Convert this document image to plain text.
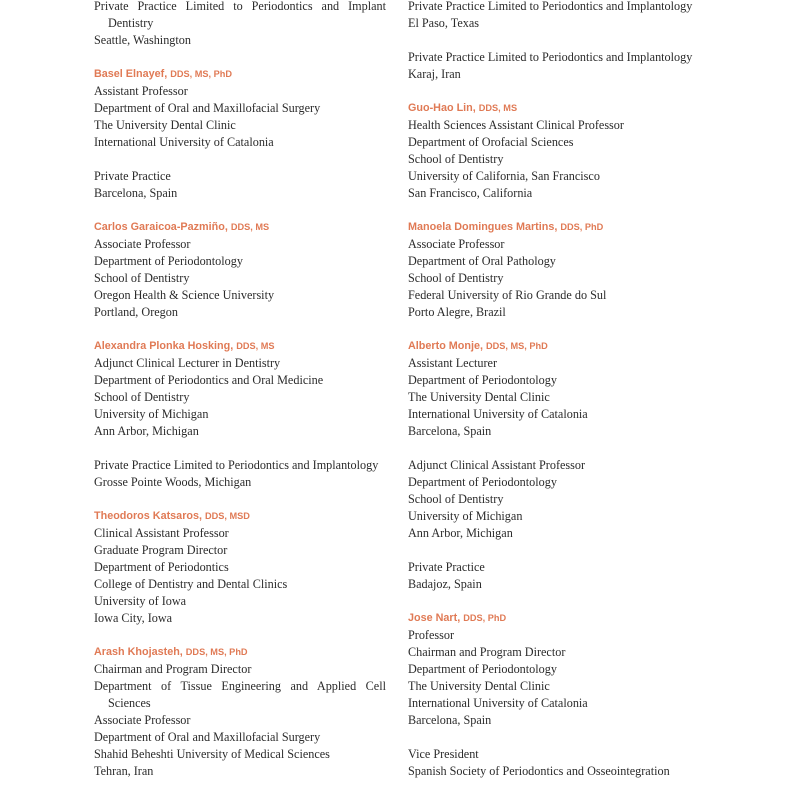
Private Practice Limited to Periodontics and Implant Dentistry
Seattle, Washington
Basel Elnayef, DDS, MS, PhD
Assistant Professor
Department of Oral and Maxillofacial Surgery
The University Dental Clinic
International University of Catalonia
Private Practice
Barcelona, Spain
Carlos Garaicoa-Pazmiño, DDS, MS
Associate Professor
Department of Periodontology
School of Dentistry
Oregon Health & Science University
Portland, Oregon
Alexandra Plonka Hosking, DDS, MS
Adjunct Clinical Lecturer in Dentistry
Department of Periodontics and Oral Medicine
School of Dentistry
University of Michigan
Ann Arbor, Michigan
Private Practice Limited to Periodontics and Implantology
Grosse Pointe Woods, Michigan
Theodoros Katsaros, DDS, MSD
Clinical Assistant Professor
Graduate Program Director
Department of Periodontics
College of Dentistry and Dental Clinics
University of Iowa
Iowa City, Iowa
Arash Khojasteh, DDS, MS, PhD
Chairman and Program Director
Department of Tissue Engineering and Applied Cell Sciences
Associate Professor
Department of Oral and Maxillofacial Surgery
Shahid Beheshti University of Medical Sciences
Tehran, Iran
Private Practice Limited to Periodontics and Implantology
El Paso, Texas
Private Practice Limited to Periodontics and Implantology
Karaj, Iran
Guo-Hao Lin, DDS, MS
Health Sciences Assistant Clinical Professor
Department of Orofacial Sciences
School of Dentistry
University of California, San Francisco
San Francisco, California
Manoela Domingues Martins, DDS, PhD
Associate Professor
Department of Oral Pathology
School of Dentistry
Federal University of Rio Grande do Sul
Porto Alegre, Brazil
Alberto Monje, DDS, MS, PhD
Assistant Lecturer
Department of Periodontology
The University Dental Clinic
International University of Catalonia
Barcelona, Spain
Adjunct Clinical Assistant Professor
Department of Periodontology
School of Dentistry
University of Michigan
Ann Arbor, Michigan
Private Practice
Badajoz, Spain
Jose Nart, DDS, PhD
Professor
Chairman and Program Director
Department of Periodontology
The University Dental Clinic
International University of Catalonia
Barcelona, Spain
Vice President
Spanish Society of Periodontics and Osseointegration
